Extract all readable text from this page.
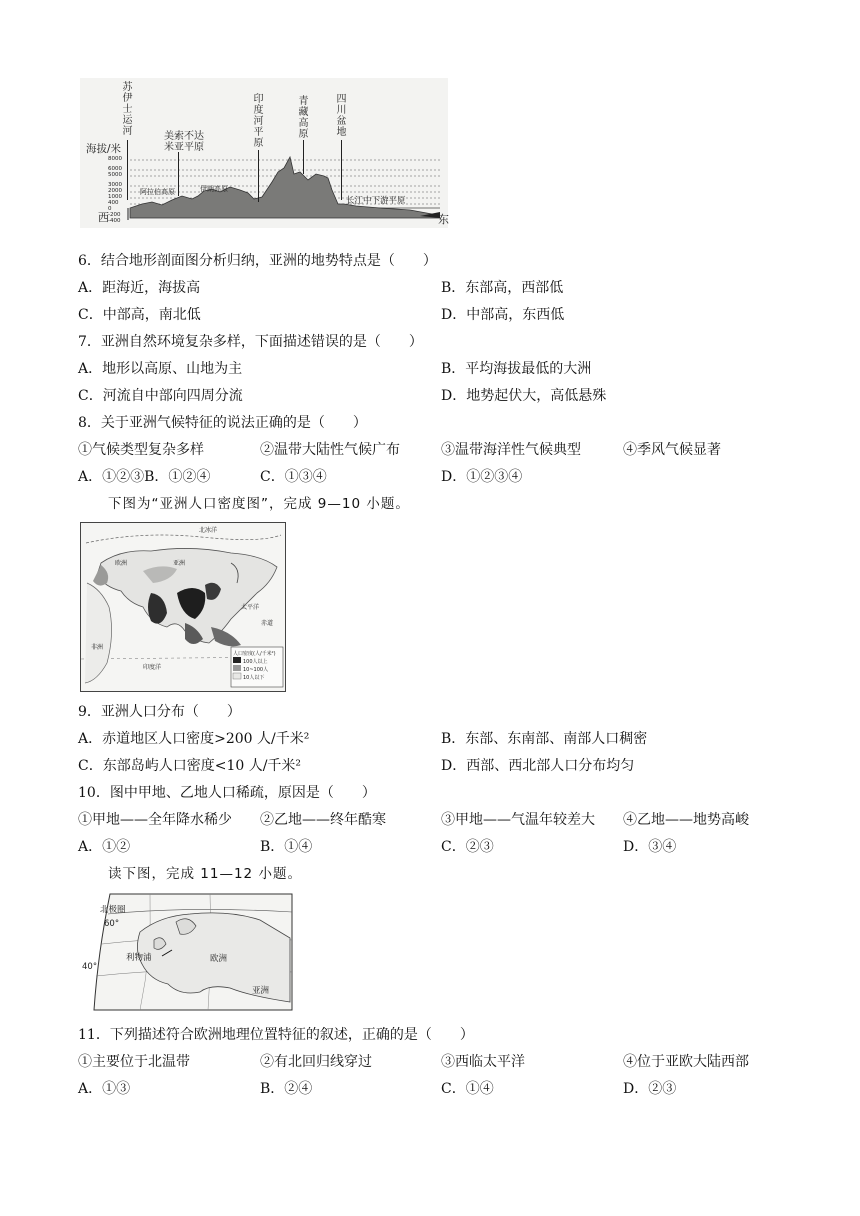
苏伊士运河
印度河平原
青藏高原
四川盆地
美索不达
米亚平原
海拔/米
8000
6000
5000
3000
2000
1000
400
0
-200
-400
西	东
阿拉伯高原	伊朗高原
长江中下游平原
6．结合地形剖面图分析归纳，亚洲的地势特点是（　　）
A．距海近，海拔高	B．东部高，西部低
C．中部高，南北低	D．中部高，东西低
7．亚洲自然环境复杂多样，下面描述错误的是（　　）
A．地形以高原、山地为主	B．平均海拔最低的大洲
C．河流自中部向四周分流	D．地势起伏大，高低悬殊
8．关于亚洲气候特征的说法正确的是（　　）
①气候类型复杂多样	②温带大陆性气候广布	③温带海洋性气候典型	④季风气候显著
A．①②③B．①②④	C．①③④	D．①②③④
下图为“亚洲人口密度图”，完成 9—10 小题。
北冰洋
欧洲	亚洲
太平洋
非洲
印度洋
赤道
人口密度(人/千米²)
100人以上
10~100人
10人以下
9．亚洲人口分布（　　）
A．赤道地区人口密度>200 人/千米²	B．东部、东南部、南部人口稠密
C．东部岛屿人口密度<10 人/千米²	D．西部、西北部人口分布均匀
10．图中甲地、乙地人口稀疏，原因是（　　）
①甲地——全年降水稀少 ②乙地——终年酷寒	③甲地——气温年较差大 ④乙地——地势高峻
A．①②	B．①④	C．②③	D．③④
读下图，完成 11—12 小题。
北极圈
60°
40°
利物浦	欧洲
亚洲
11．下列描述符合欧洲地理位置特征的叙述，正确的是（　　）
①主要位于北温带	②有北回归线穿过	③西临太平洋	④位于亚欧大陆西部
A．①③	B．②④	C．①④	D．②③
